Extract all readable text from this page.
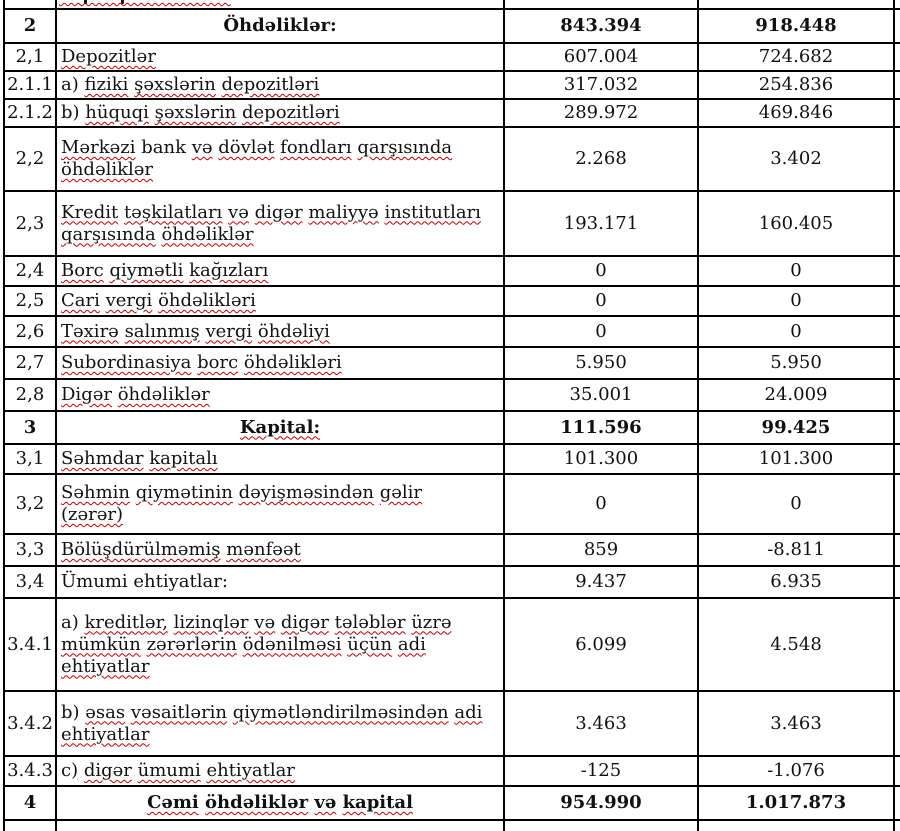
2	Öhdəliklər:	843.394	918.448	
2,1	Depozitlər	607.004	724.682	
2.1.1	a) fiziki şəxslərin depozitləri	317.032	254.836	
2.1.2	b) hüquqi şəxslərin depozitləri	289.972	469.846	
2,2	Mərkəzi bank və dövlət fondları qarşısında öhdəliklər	2.268	3.402	
2,3	Kredit təşkilatları və digər maliyyə institutları qarşısında öhdəliklər	193.171	160.405	
2,4	Borc qiymətli kağızları	0	0	
2,5	Cari vergi öhdəlikləri	0	0	
2,6	Təxirə salınmış vergi öhdəliyi	0	0	
2,7	Subordinasiya borc öhdəlikləri	5.950	5.950	
2,8	Digər öhdəliklər	35.001	24.009	
3	Kapital:	111.596	99.425	
3,1	Səhmdar kapitalı	101.300	101.300	
3,2	Səhmin qiymətinin dəyişməsindən gəlir (zərər)	0	0	
3,3	Bölüşdürülməmiş mənfəət	859	-8.811	
3,4	Ümumi ehtiyatlar:	9.437	6.935	
3.4.1	a) kreditlər, lizinqlər və digər tələblər üzrə mümkün zərərlərin ödənilməsi üçün adi ehtiyatlar	6.099	4.548	
3.4.2	b) əsas vəsaitlərin qiymətləndirilməsindən adi ehtiyatlar	3.463	3.463	
3.4.3	c) digər ümumi ehtiyatlar	-125	-1.076	
4	Cəmi öhdəliklər və kapital	954.990	1.017.873	
